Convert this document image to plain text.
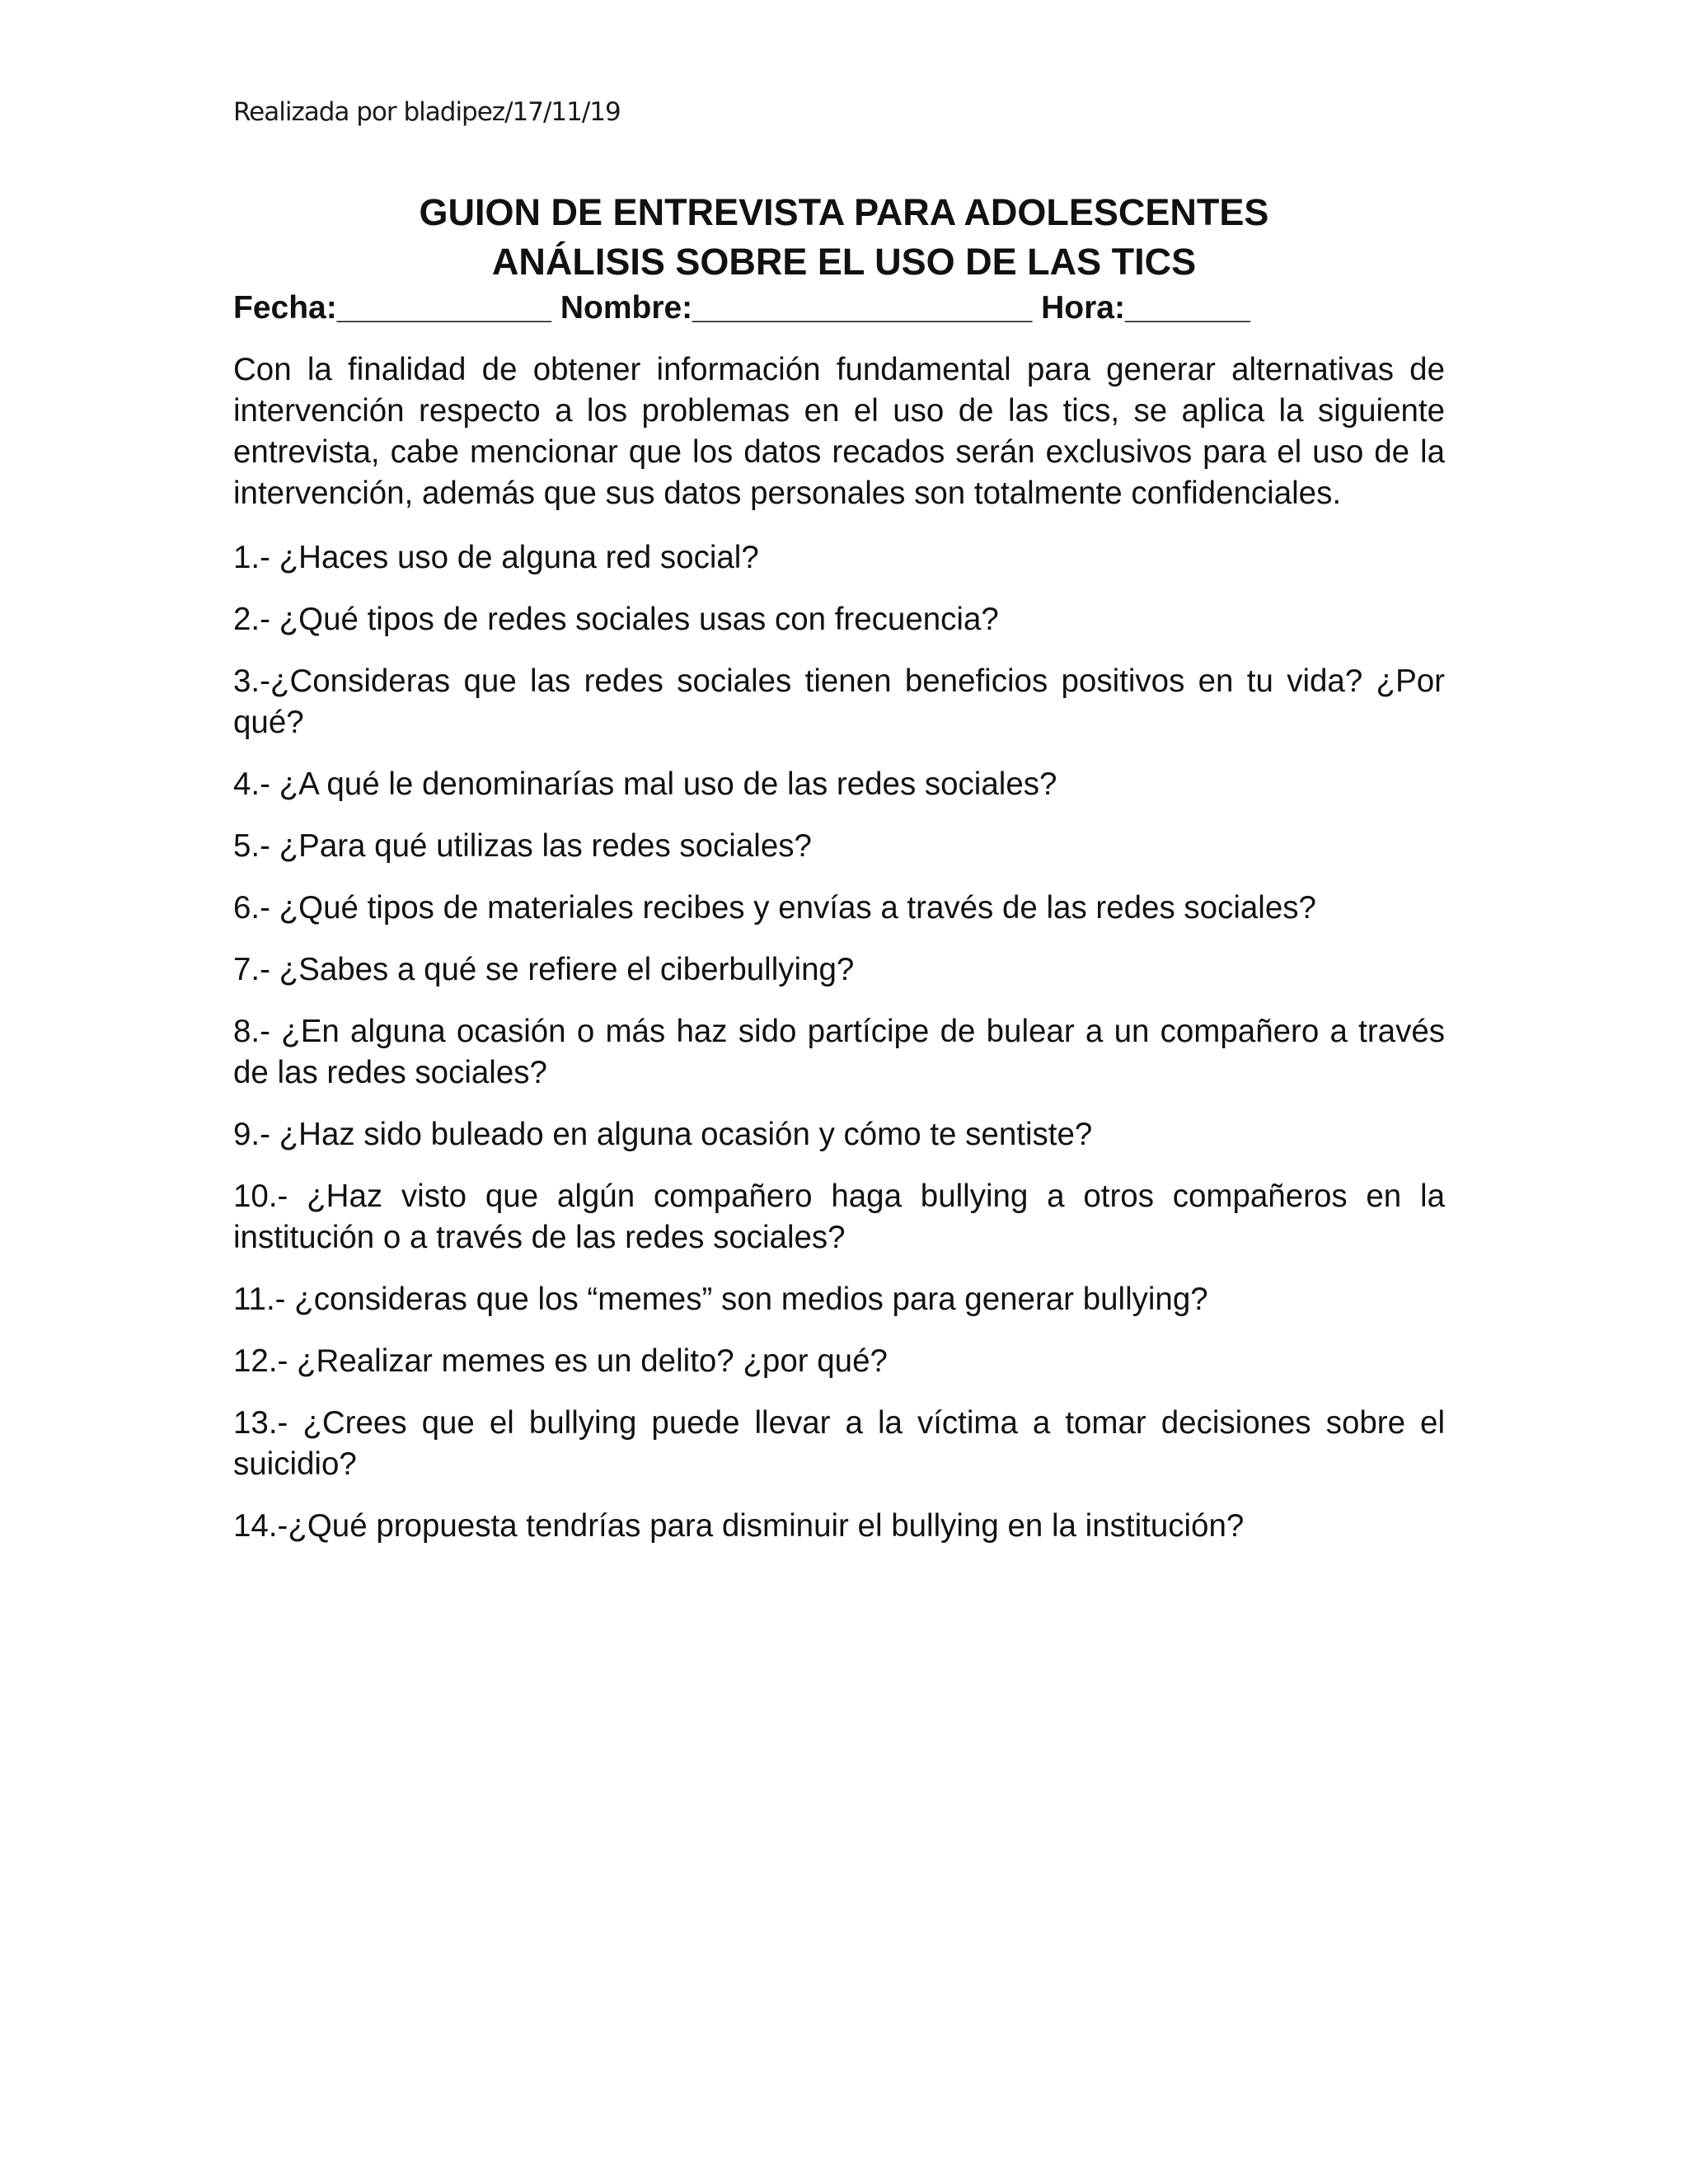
Realizada por bladipez/17/11/19
GUION DE ENTREVISTA PARA ADOLESCENTES
ANÁLISIS SOBRE EL USO DE LAS TICS
Fecha:____________ Nombre:___________________ Hora:_______
Con la finalidad de obtener información fundamental para generar alternativas de intervención respecto a los problemas en el uso de las tics, se aplica la siguiente entrevista, cabe mencionar que los datos recados serán exclusivos para el uso de la intervención, además que sus datos personales son totalmente confidenciales.
1.- ¿Haces uso de alguna red social?
2.- ¿Qué tipos de redes sociales usas con frecuencia?
3.-¿Consideras que las redes sociales tienen beneficios positivos en tu vida? ¿Por qué?
4.- ¿A qué le denominarías mal uso de las redes sociales?
5.- ¿Para qué utilizas las redes sociales?
6.- ¿Qué tipos de materiales recibes y envías a través de las redes sociales?
7.- ¿Sabes a qué se refiere el ciberbullying?
8.- ¿En alguna ocasión o más haz sido partícipe de bulear a un compañero a través de las redes sociales?
9.- ¿Haz sido buleado en alguna ocasión y cómo te sentiste?
10.- ¿Haz visto que algún compañero haga bullying a otros compañeros en la institución o a través de las redes sociales?
11.- ¿consideras que los “memes” son medios para generar bullying?
12.- ¿Realizar memes es un delito? ¿por qué?
13.- ¿Crees que el bullying puede llevar a la víctima a tomar decisiones sobre el suicidio?
14.-¿Qué propuesta tendrías para disminuir el bullying en la institución?
